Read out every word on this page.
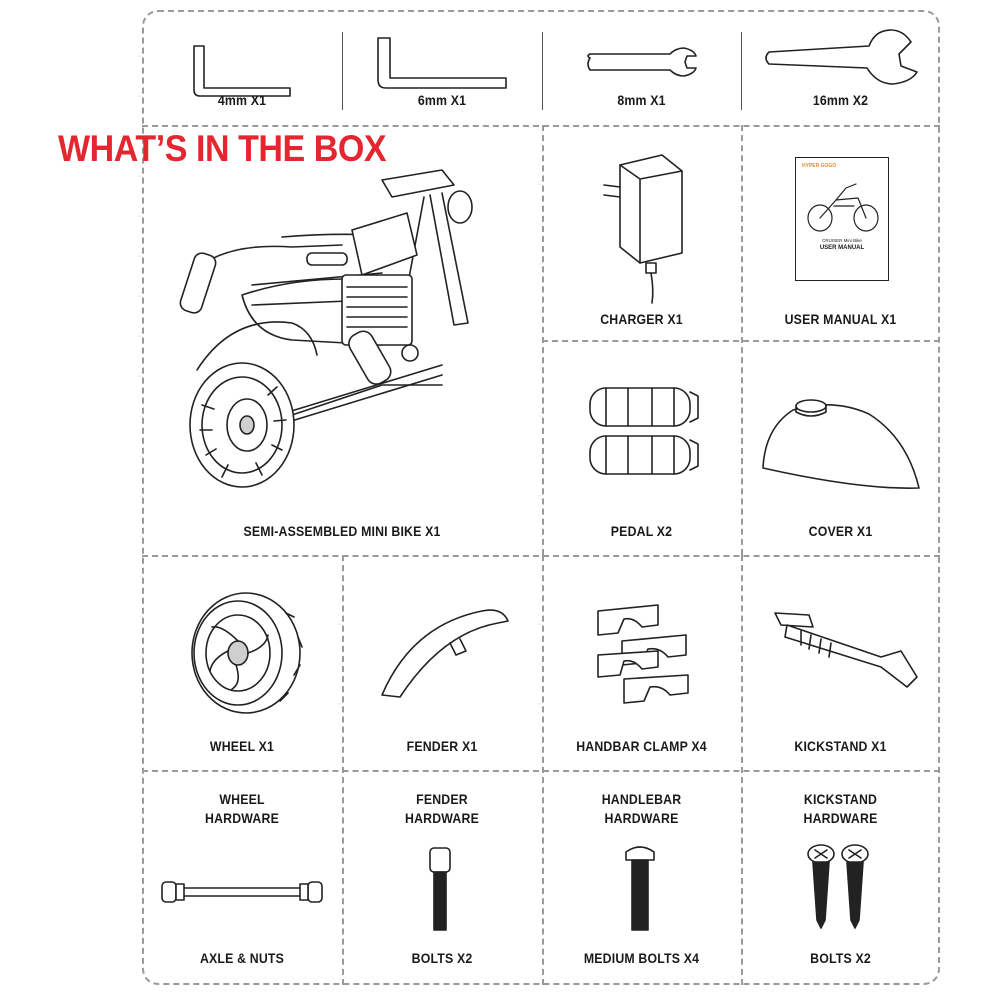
WHAT’S IN THE BOX
4mm X1	6mm X1	8mm X1	16mm X2
SEMI-ASSEMBLED MINI BIKE X1
CHARGER X1
HYPER GOGO
CRUISER Mini Bike
USER MANUAL
USER MANUAL X1
PEDAL X2	COVER X1
WHEEL X1	FENDER X1	HANDBAR CLAMP X4	KICKSTAND X1
WHEEL
HARDWARE
AXLE & NUTS
FENDER
HARDWARE
BOLTS X2
HANDLEBAR
HARDWARE
MEDIUM BOLTS X4
KICKSTAND
HARDWARE
BOLTS X2
